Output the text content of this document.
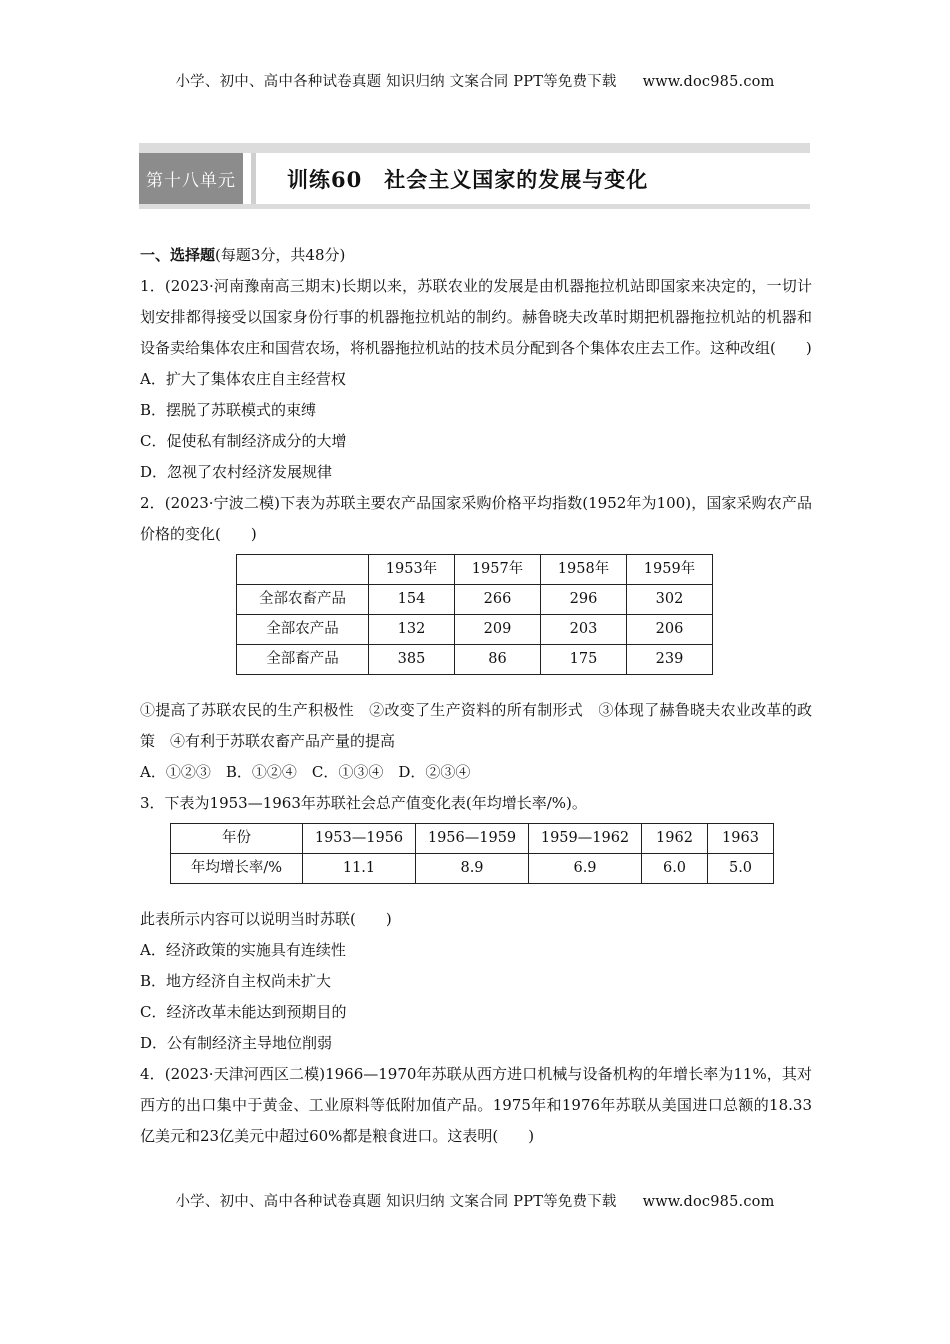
小学、初中、高中各种试卷真题 知识归纳 文案合同 PPT等免费下载 www.doc985.com
第十八单元	训练60　社会主义国家的发展与变化

一、选择题(每题3分，共48分)

1．(2023·河南豫南高三期末)长期以来，苏联农业的发展是由机器拖拉机站即国家来决定的，一切计划安排都得接受以国家身份行事的机器拖拉机站的制约。赫鲁晓夫改革时期把机器拖拉机站的机器和设备卖给集体农庄和国营农场，将机器拖拉机站的技术员分配到各个集体农庄去工作。这种改组(　　)

A．扩大了集体农庄自主经营权

B．摆脱了苏联模式的束缚

C．促使私有制经济成分的大增

D．忽视了农村经济发展规律

2．(2023·宁波二模)下表为苏联主要农产品国家采购价格平均指数(1952年为100)，国家采购农产品价格的变化(　　)

	1953年	1957年	1958年	1959年
全部农畜产品	154	266	296	302
全部农产品	132	209	203	206
全部畜产品	385	86	175	239

①提高了苏联农民的生产积极性　②改变了生产资料的所有制形式　③体现了赫鲁晓夫农业改革的政策　④有利于苏联农畜产品产量的提高

A．①②③　B．①②④　C．①③④　D．②③④

3．下表为1953—1963年苏联社会总产值变化表(年均增长率/%)。

年份	1953—1956	1956—1959	1959—1962	1962	1963
年均增长率/%	11.1	8.9	6.9	6.0	5.0

此表所示内容可以说明当时苏联(　　)

A．经济政策的实施具有连续性

B．地方经济自主权尚未扩大

C．经济改革未能达到预期目的

D．公有制经济主导地位削弱

4．(2023·天津河西区二模)1966—1970年苏联从西方进口机械与设备机构的年增长率为11%，其对西方的出口集中于黄金、工业原料等低附加值产品。1975年和1976年苏联从美国进口总额的18.33亿美元和23亿美元中超过60%都是粮食进口。这表明(　　)

小学、初中、高中各种试卷真题 知识归纳 文案合同 PPT等免费下载 www.doc985.com
